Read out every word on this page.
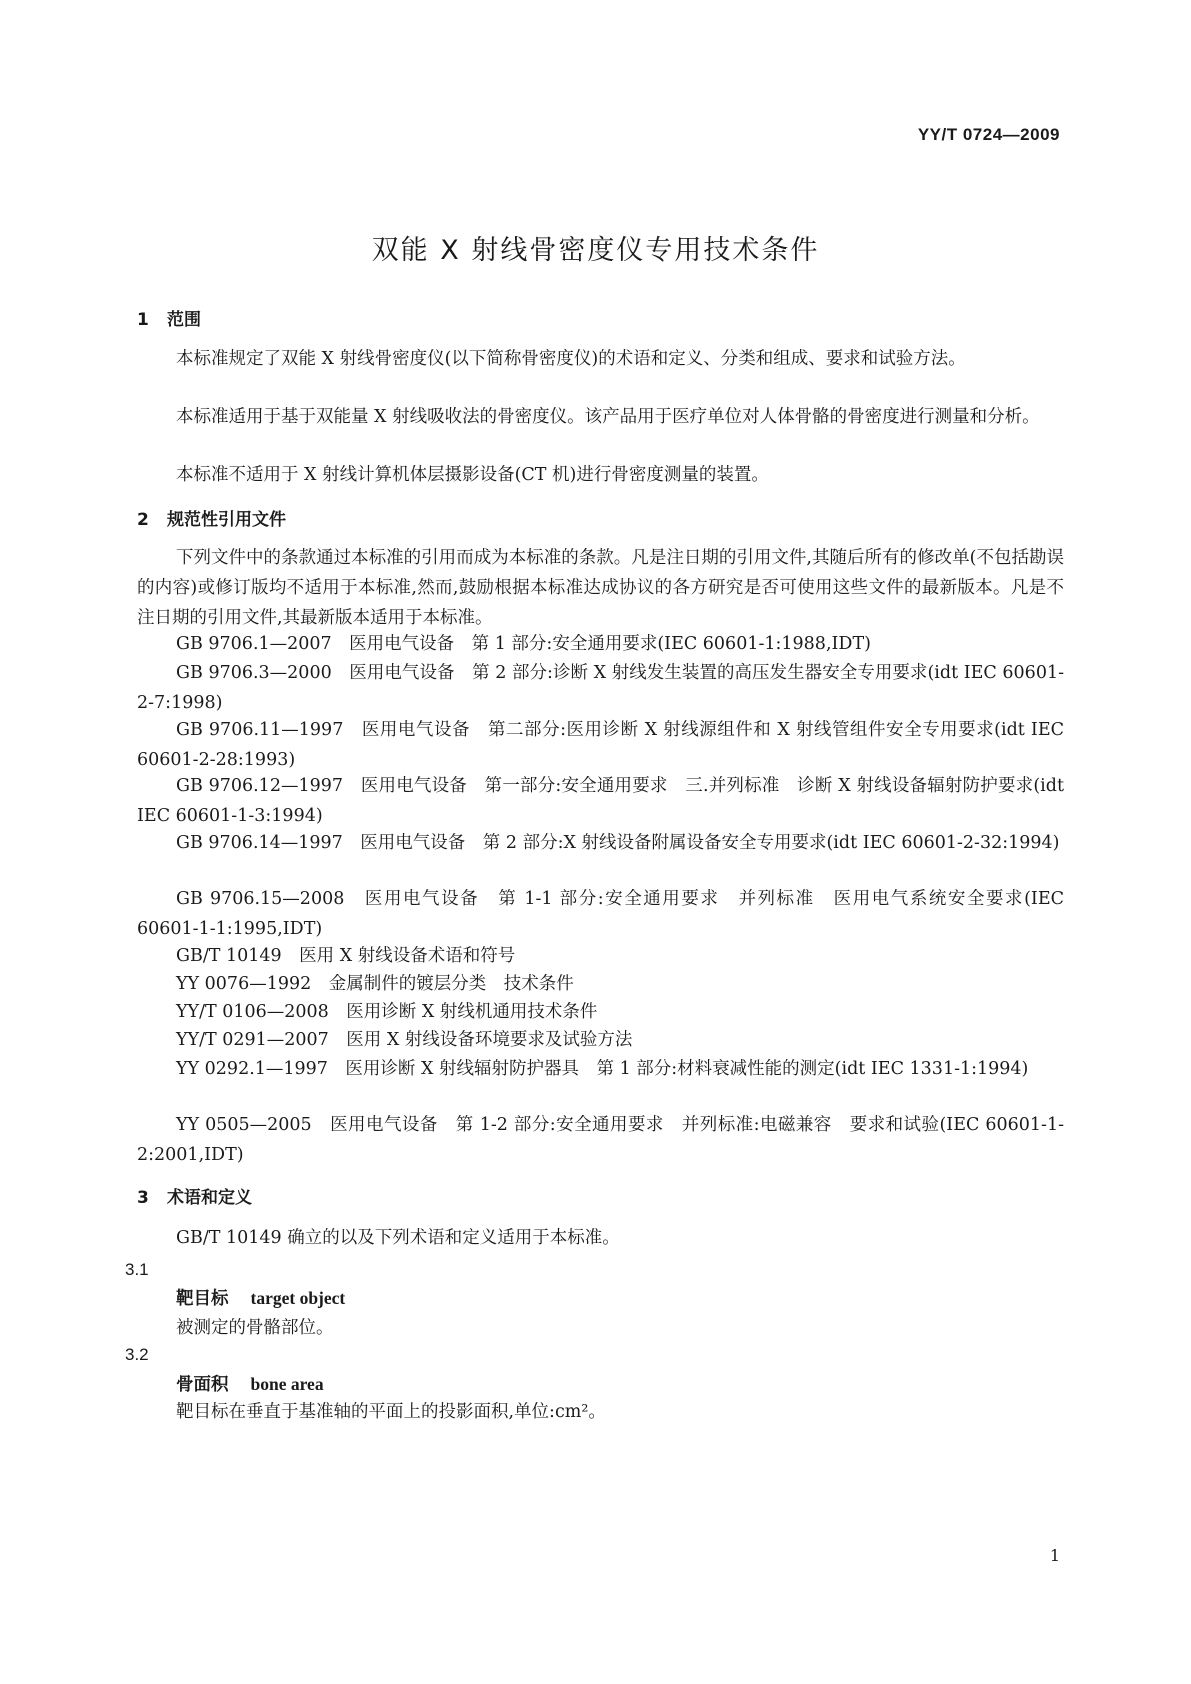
YY/T 0724—2009
双能 X 射线骨密度仪专用技术条件
1 范围
本标准规定了双能 X 射线骨密度仪(以下简称骨密度仪)的术语和定义、分类和组成、要求和试验方法。
本标准适用于基于双能量 X 射线吸收法的骨密度仪。该产品用于医疗单位对人体骨骼的骨密度进行测量和分析。
本标准不适用于 X 射线计算机体层摄影设备(CT 机)进行骨密度测量的装置。
2 规范性引用文件
下列文件中的条款通过本标准的引用而成为本标准的条款。凡是注日期的引用文件,其随后所有的修改单(不包括勘误的内容)或修订版均不适用于本标准,然而,鼓励根据本标准达成协议的各方研究是否可使用这些文件的最新版本。凡是不注日期的引用文件,其最新版本适用于本标准。
GB 9706.1—2007　医用电气设备　第 1 部分:安全通用要求(IEC 60601-1:1988,IDT)
GB 9706.3—2000　医用电气设备　第 2 部分:诊断 X 射线发生装置的高压发生器安全专用要求(idt IEC 60601-2-7:1998)
GB 9706.11—1997　医用电气设备　第二部分:医用诊断 X 射线源组件和 X 射线管组件安全专用要求(idt IEC 60601-2-28:1993)
GB 9706.12—1997　医用电气设备　第一部分:安全通用要求　三.并列标准　诊断 X 射线设备辐射防护要求(idt IEC 60601-1-3:1994)
GB 9706.14—1997　医用电气设备　第 2 部分:X 射线设备附属设备安全专用要求(idt IEC 60601-2-32:1994)
GB 9706.15—2008　医用电气设备　第 1-1 部分:安全通用要求　并列标准　医用电气系统安全要求(IEC 60601-1-1:1995,IDT)
GB/T 10149　医用 X 射线设备术语和符号
YY 0076—1992　金属制件的镀层分类　技术条件
YY/T 0106—2008　医用诊断 X 射线机通用技术条件
YY/T 0291—2007　医用 X 射线设备环境要求及试验方法
YY 0292.1—1997　医用诊断 X 射线辐射防护器具　第 1 部分:材料衰减性能的测定(idt IEC 1331-1:1994)
YY 0505—2005　医用电气设备　第 1-2 部分:安全通用要求　并列标准:电磁兼容　要求和试验(IEC 60601-1-2:2001,IDT)
3 术语和定义
GB/T 10149 确立的以及下列术语和定义适用于本标准。
3.1
靶目标 target object
被测定的骨骼部位。
3.2
骨面积 bone area
靶目标在垂直于基准轴的平面上的投影面积,单位:cm²。
1
